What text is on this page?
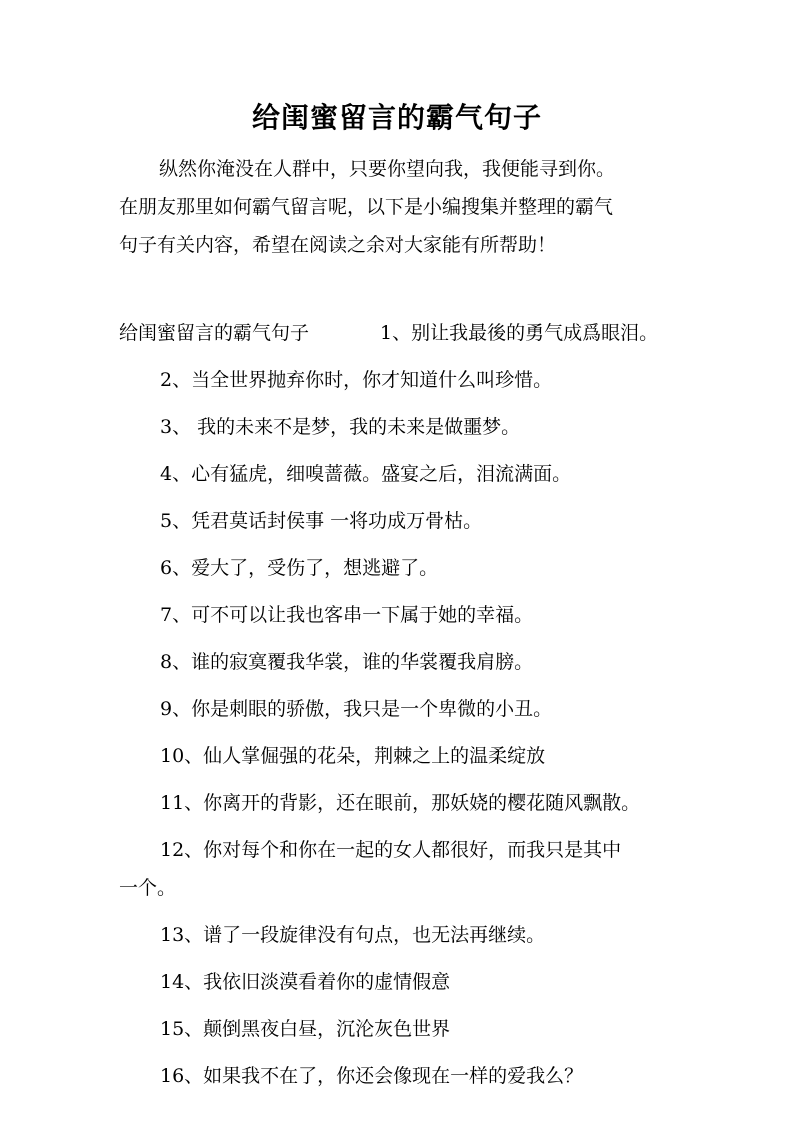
给闺蜜留言的霸气句子

纵然你淹没在人群中，只要你望向我，我便能寻到你。
在朋友那里如何霸气留言呢，以下是小编搜集并整理的霸气
句子有关内容，希望在阅读之余对大家能有所帮助！

给闺蜜留言的霸气句子	1、别让我最後的勇气成爲眼泪。
2、当全世界抛弃你时，你才知道什么叫珍惜。
3、 我的未来不是梦，我的未来是做噩梦。
4、心有猛虎，细嗅蔷薇。盛宴之后，泪流满面。
5、凭君莫话封侯事 一将功成万骨枯。
6、爱大了，受伤了，想逃避了。
7、可不可以让我也客串一下属于她的幸福。
8、谁的寂寞覆我华裳，谁的华裳覆我肩膀。
9、你是刺眼的骄傲，我只是一个卑微的小丑。
10、仙人掌倔强的花朵，荆棘之上的温柔绽放
11、你离开的背影，还在眼前，那妖娆的樱花随风飘散。
12、你对每个和你在一起的女人都很好，而我只是其中
一个。
13、谱了一段旋律没有句点，也无法再继续。
14、我依旧淡漠看着你的虚情假意
15、颠倒黑夜白昼，沉沦灰色世界
16、如果我不在了，你还会像现在一样的爱我么？
